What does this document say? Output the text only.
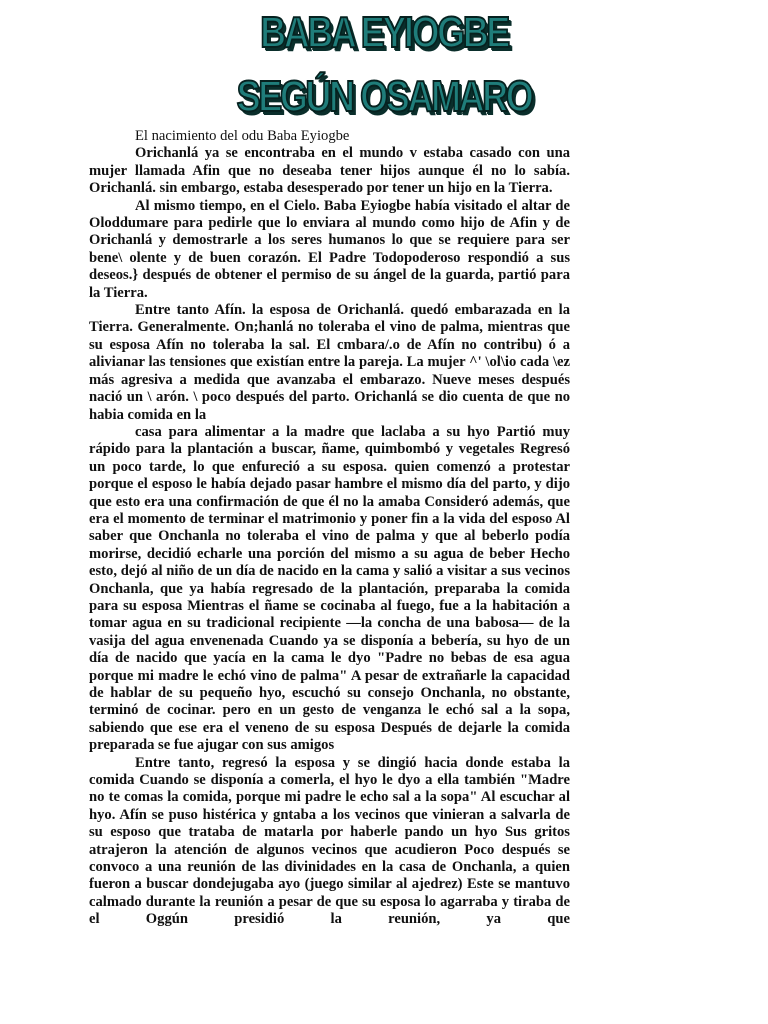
BABA EYIOGBE
SEGÚN OSAMARO

El nacimiento del odu Baba Eyiogbe

Orichanlá ya se encontraba en el mundo v estaba casado con una mujer llamada Afin que no deseaba tener hijos aunque él no lo sabía. Orichanlá. sin embargo, estaba desesperado por tener un hijo en la Tierra.

Al mismo tiempo, en el Cielo. Baba Eyiogbe había visitado el altar de Oloddumare para pedirle que lo enviara al mundo como hijo de Afin y de Orichanlá y demostrarle a los seres humanos lo que se requiere para ser bene\ olente y de buen corazón. El Padre Todopoderoso respondió a sus deseos.} después de obtener el permiso de su ángel de la guarda, partió para la Tierra.

Entre tanto Afín. la esposa de Orichanlá. quedó embarazada en la Tierra. Generalmente. On;hanlá no toleraba el vino de palma, mientras que su esposa Afín no toleraba la sal. El cmbara/.o de Afín no contribu) ó a alivianar las tensiones que existían entre la pareja. La mujer ^' \ol\io cada \ez más agresiva a medida que avanzaba el embarazo. Nueve meses después nació un \ arón. \ poco después del parto. Orichanlá se dio cuenta de que no habia comida en la

casa para alimentar a la madre que laclaba a su hyo Partió muy rápido para la plantación a buscar, ñame, quimbombó y vegetales Regresó un poco tarde, lo que enfureció a su esposa. quien comenzó a protestar porque el esposo le había dejado pasar hambre el mismo día del parto, y dijo que esto era una confirmación de que él no la amaba Consideró además, que era el momento de terminar el matrimonio y poner fin a la vida del esposo Al saber que Onchanla no toleraba el vino de palma y que al beberlo podía morirse, decidió echarle una porción del mismo a su agua de beber Hecho esto, dejó al niño de un día de nacido en la cama y salió a visitar a sus vecinos Onchanla, que ya había regresado de la plantación, preparaba la comida para su esposa Mientras el ñame se cocinaba al fuego, fue a la habitación a tomar agua en su tradicional recipiente —la concha de una babosa— de la vasija del agua envenenada Cuando ya se disponía a bebería, su hyo de un día de nacido que yacía en la cama le dyo "Padre no bebas de esa agua porque mi madre le echó vino de palma" A pesar de extrañarle la capacidad de hablar de su pequeño hyo, escuchó su consejo Onchanla, no obstante, terminó de cocinar. pero en un gesto de venganza le echó sal a la sopa, sabiendo que ese era el veneno de su esposa Después de dejarle la comida preparada se fue ajugar con sus amigos

Entre tanto, regresó la esposa y se dingió hacia donde estaba la comida Cuando se disponía a comerla, el hyo le dyo a ella también "Madre no te comas la comida, porque mi padre le echo sal a la sopa" Al escuchar al hyo. Afín se puso histérica y gntaba a los vecinos que vinieran a salvarla de su esposo que trataba de matarla por haberle pando un hyo Sus gritos atrajeron la atención de algunos vecinos que acudieron Poco después se convoco a una reunión de las divinidades en la casa de Onchanla, a quien fueron a buscar dondejugaba ayo (juego similar al ajedrez) Este se mantuvo calmado durante la reunión a pesar de que su esposa lo agarraba y tiraba de el Oggún presidió la reunión, ya que
